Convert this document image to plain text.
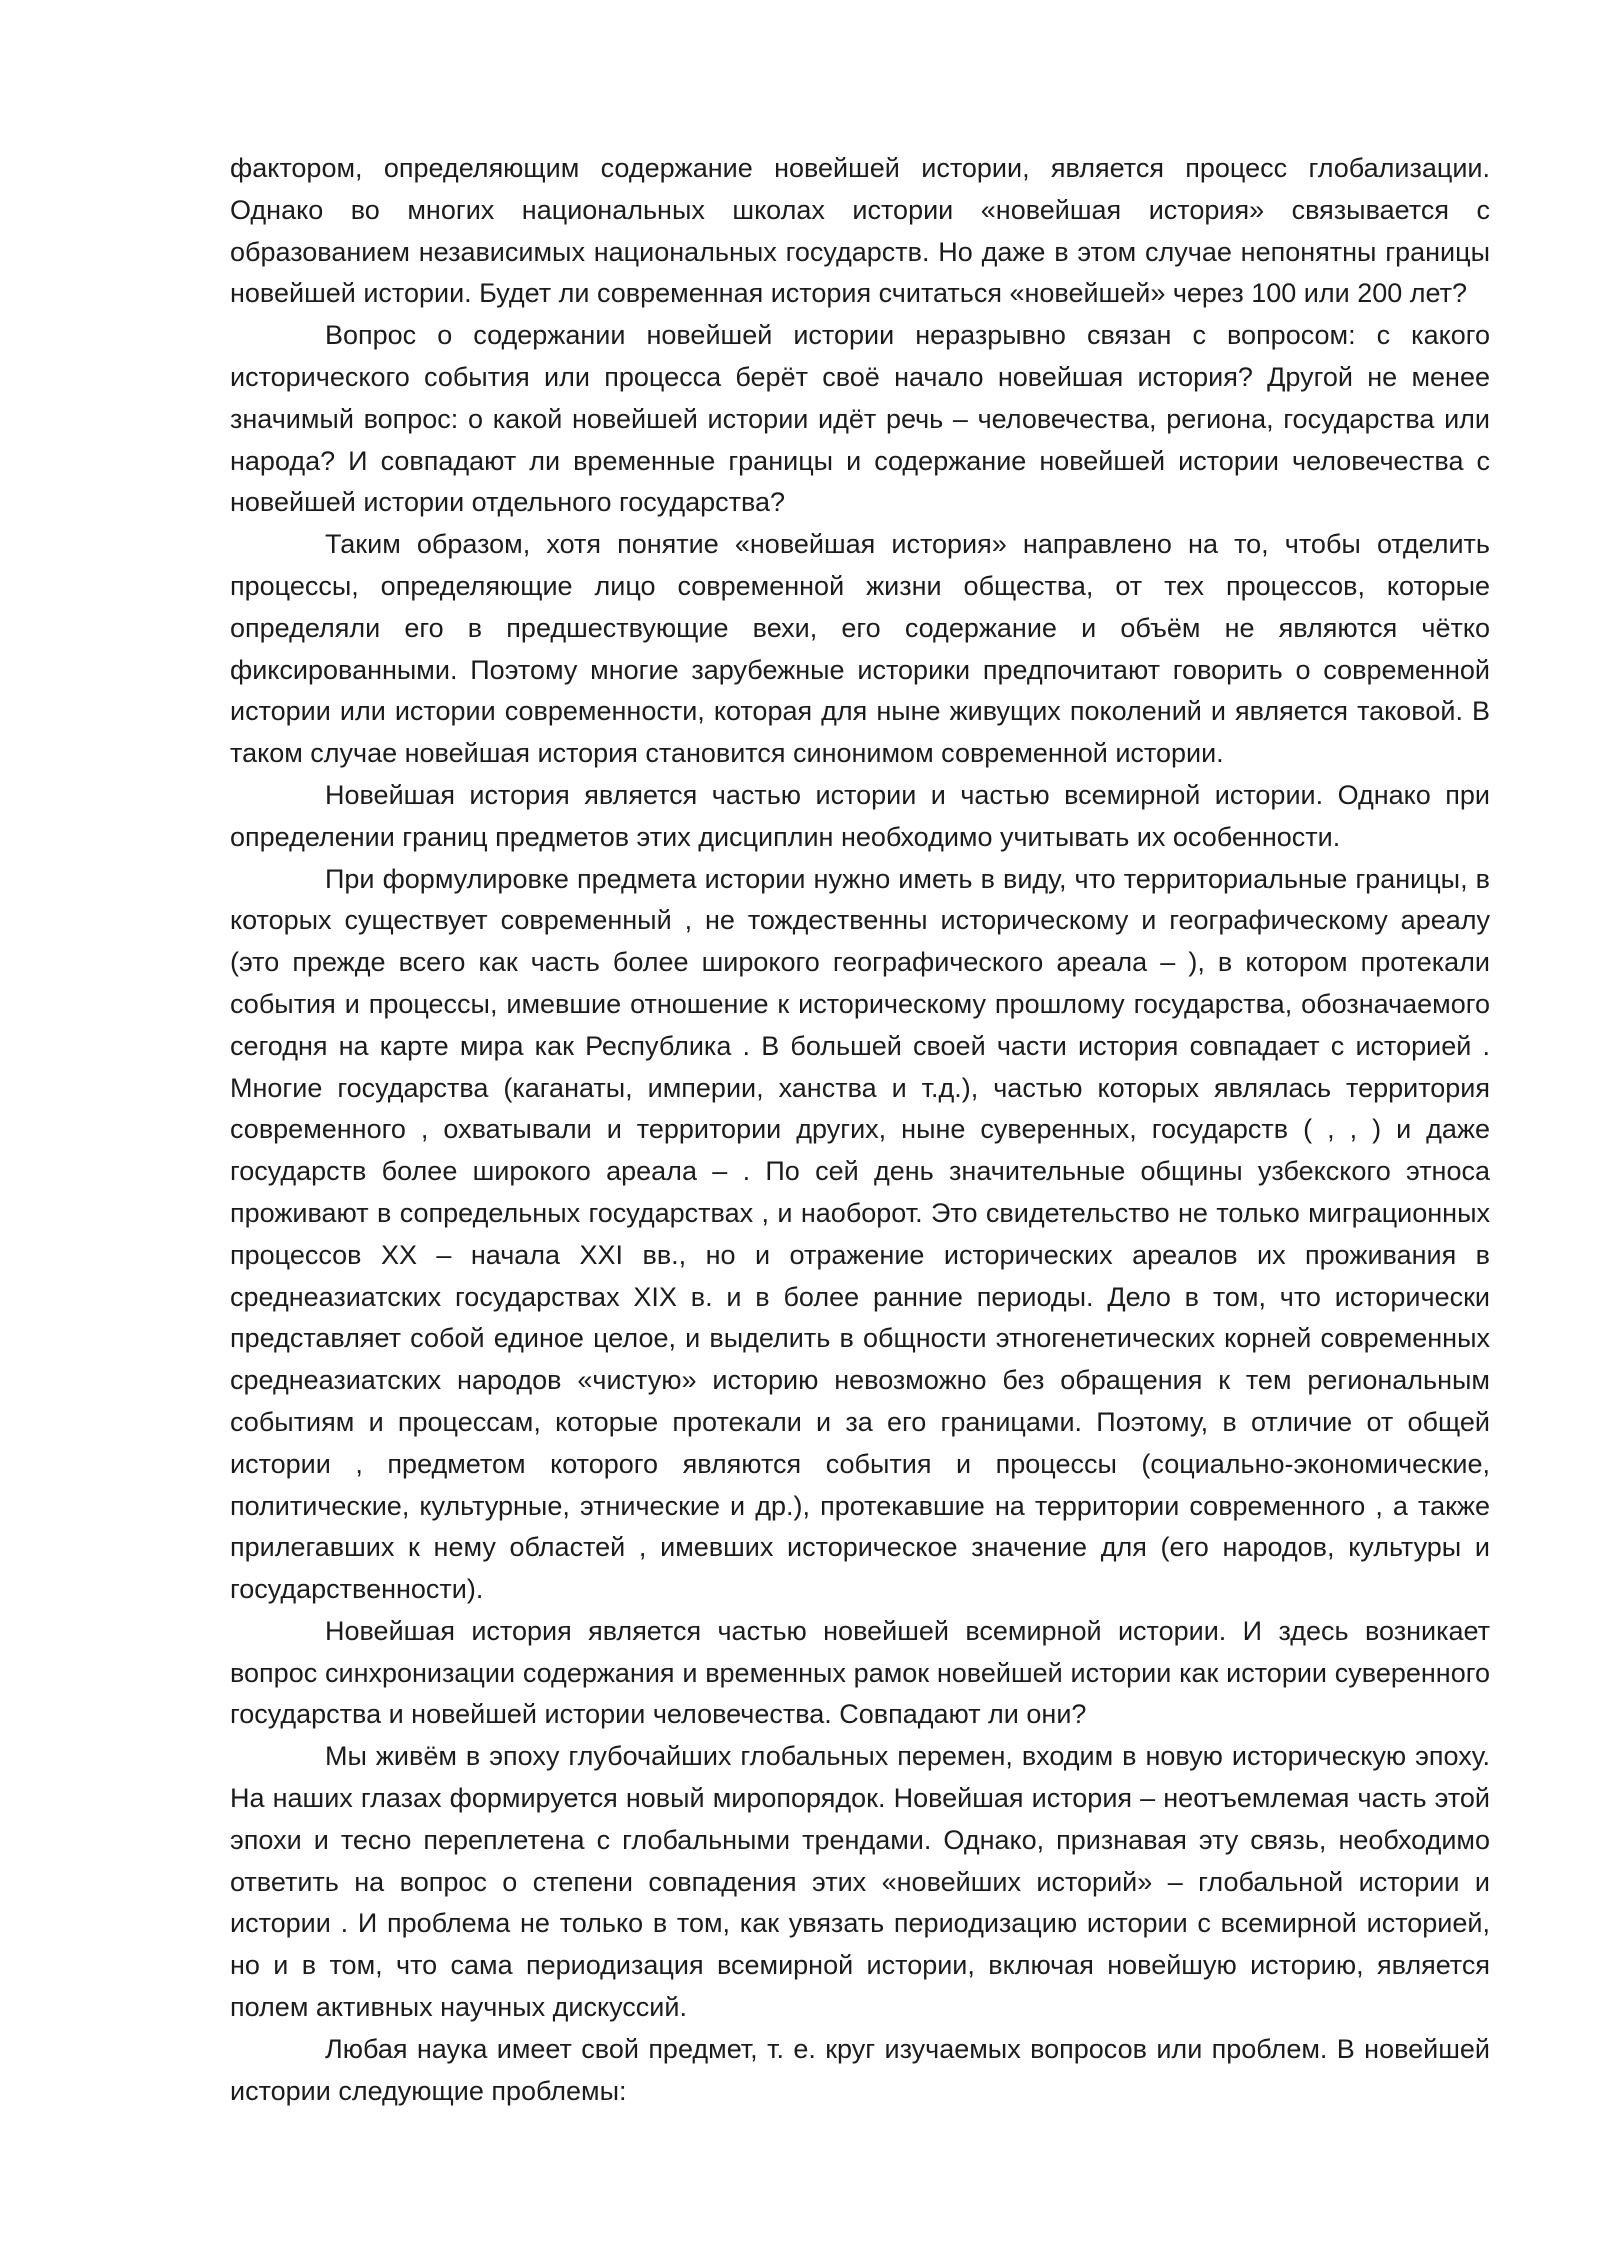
фактором, определяющим содержание новейшей истории, является процесс глобализации. Однако во многих национальных школах истории «новейшая история» связывается с образованием независимых национальных государств. Но даже в этом случае непонятны границы новейшей истории. Будет ли современная история считаться «новейшей» через 100 или 200 лет?

Вопрос о содержании новейшей истории неразрывно связан с вопросом: с какого исторического события или процесса берёт своё начало новейшая история? Другой не менее значимый вопрос: о какой новейшей истории идёт речь – человечества, региона, государства или народа? И совпадают ли временные границы и содержание новейшей истории человечества с новейшей истории отдельного государства?

Таким образом, хотя понятие «новейшая история» направлено на то, чтобы отделить процессы, определяющие лицо современной жизни общества, от тех процессов, которые определяли его в предшествующие вехи, его содержание и объём не являются чётко фиксированными. Поэтому многие зарубежные историки предпочитают говорить о современной истории или истории современности, которая для ныне живущих поколений и является таковой. В таком случае новейшая история становится синонимом современной истории.

Новейшая история является частью истории и частью всемирной истории. Однако при определении границ предметов этих дисциплин необходимо учитывать их особенности.

При формулировке предмета истории нужно иметь в виду, что территориальные границы, в которых существует современный , не тождественны историческому и географическому ареалу (это прежде всего как часть более широкого географического ареала – ), в котором протекали события и процессы, имевшие отношение к историческому прошлому государства, обозначаемого сегодня на карте мира как Республика . В большей своей части история совпадает с историей . Многие государства (каганаты, империи, ханства и т.д.), частью которых являлась территория современного , охватывали и территории других, ныне суверенных, государств ( , , ) и даже государств более широкого ареала – . По сей день значительные общины узбекского этноса проживают в сопредельных государствах , и наоборот. Это свидетельство не только миграционных процессов XX – начала XXI вв., но и отражение исторических ареалов их проживания в среднеазиатских государствах XIX в. и в более ранние периоды. Дело в том, что исторически представляет собой единое целое, и выделить в общности этногенетических корней современных среднеазиатских народов «чистую» историю невозможно без обращения к тем региональным событиям и процессам, которые протекали и за его границами. Поэтому, в отличие от общей истории , предметом которого являются события и процессы (социально-экономические, политические, культурные, этнические и др.), протекавшие на территории современного , а также прилегавших к нему областей , имевших историческое значение для (его народов, культуры и государственности).

Новейшая история является частью новейшей всемирной истории. И здесь возникает вопрос синхронизации содержания и временных рамок новейшей истории как истории суверенного государства и новейшей истории человечества. Совпадают ли они?

Мы живём в эпоху глубочайших глобальных перемен, входим в новую историческую эпоху. На наших глазах формируется новый миропорядок. Новейшая история – неотъемлемая часть этой эпохи и тесно переплетена с глобальными трендами. Однако, признавая эту связь, необходимо ответить на вопрос о степени совпадения этих «новейших историй» – глобальной истории и истории . И проблема не только в том, как увязать периодизацию истории с всемирной историей, но и в том, что сама периодизация всемирной истории, включая новейшую историю, является полем активных научных дискуссий.

Любая наука имеет свой предмет, т. е. круг изучаемых вопросов или проблем. В новейшей истории следующие проблемы:
